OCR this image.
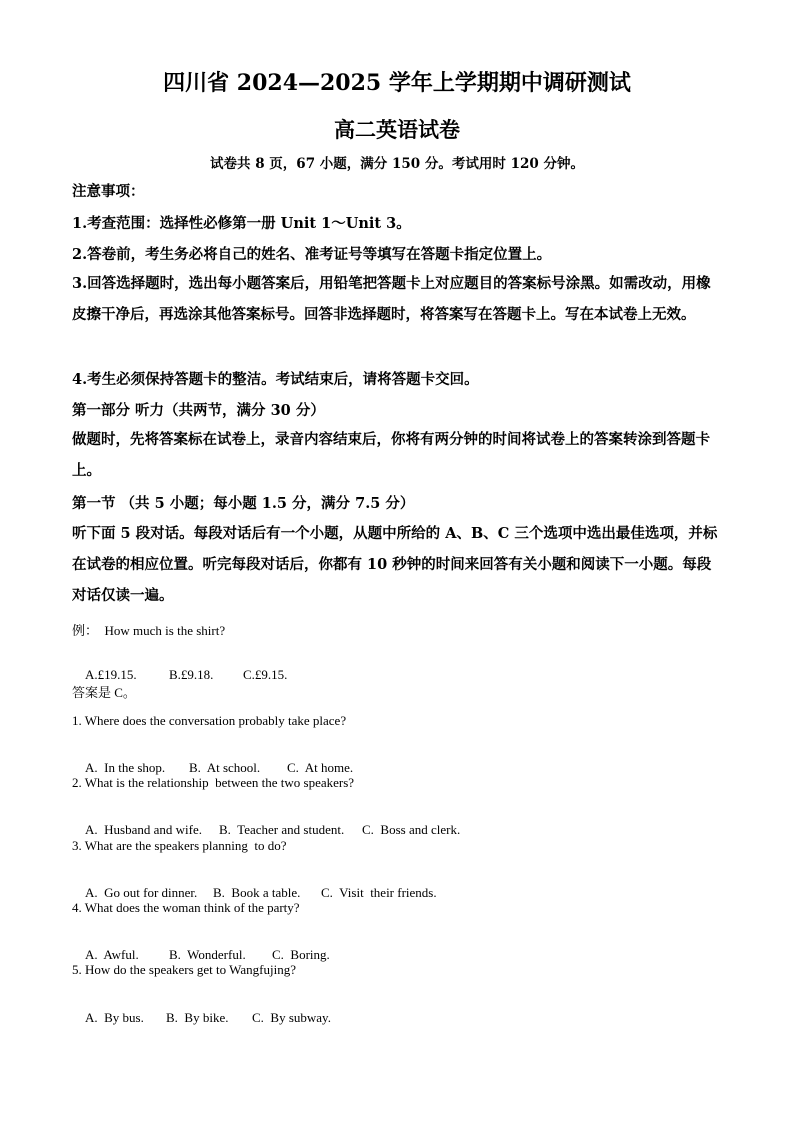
四川省 2024—2025 学年上学期期中调研测试
高二英语试卷
试卷共 8 页，67 小题，满分 150 分。考试用时 120 分钟。
注意事项：
1.考查范围：选择性必修第一册 Unit 1～Unit 3。
2.答卷前，考生务必将自己的姓名、准考证号等填写在答题卡指定位置上。
3.回答选择题时，选出每小题答案后，用铅笔把答题卡上对应题目的答案标号涂黑。如需改动，用橡皮擦干净后，再选涂其他答案标号。回答非选择题时，将答案写在答题卡上。写在本试卷上无效。
4.考生必须保持答题卡的整洁。考试结束后，请将答题卡交回。
第一部分 听力（共两节，满分 30 分）
做题时，先将答案标在试卷上，录音内容结束后，你将有两分钟的时间将试卷上的答案转涂到答题卡上。
第一节 （共 5 小题；每小题 1.5 分，满分 7.5 分）
听下面 5 段对话。每段对话后有一个小题，从题中所给的 A、B、C 三个选项中选出最佳选项，并标在试卷的相应位置。听完每段对话后，你都有 10 秒钟的时间来回答有关小题和阅读下一小题。每段对话仅读一遍。
例：  How much is the shirt?

A.£19.15. B.£9.18. C.£9.15.

答案是 C。
1. Where does the conversation probably take place?

A.  In the shop. B.  At school. C.  At home.

2. What is the relationship  between the two speakers?

A.  Husband and wife. B.  Teacher and student. C.  Boss and clerk.

3. What are the speakers planning  to do?

A.  Go out for dinner. B.  Book a table. C.  Visit  their friends.

4. What does the woman think of the party?

A.  Awful. B.  Wonderful. C.  Boring.

5. How do the speakers get to Wangfujing?

A.  By bus. B.  By bike. C.  By subway.
